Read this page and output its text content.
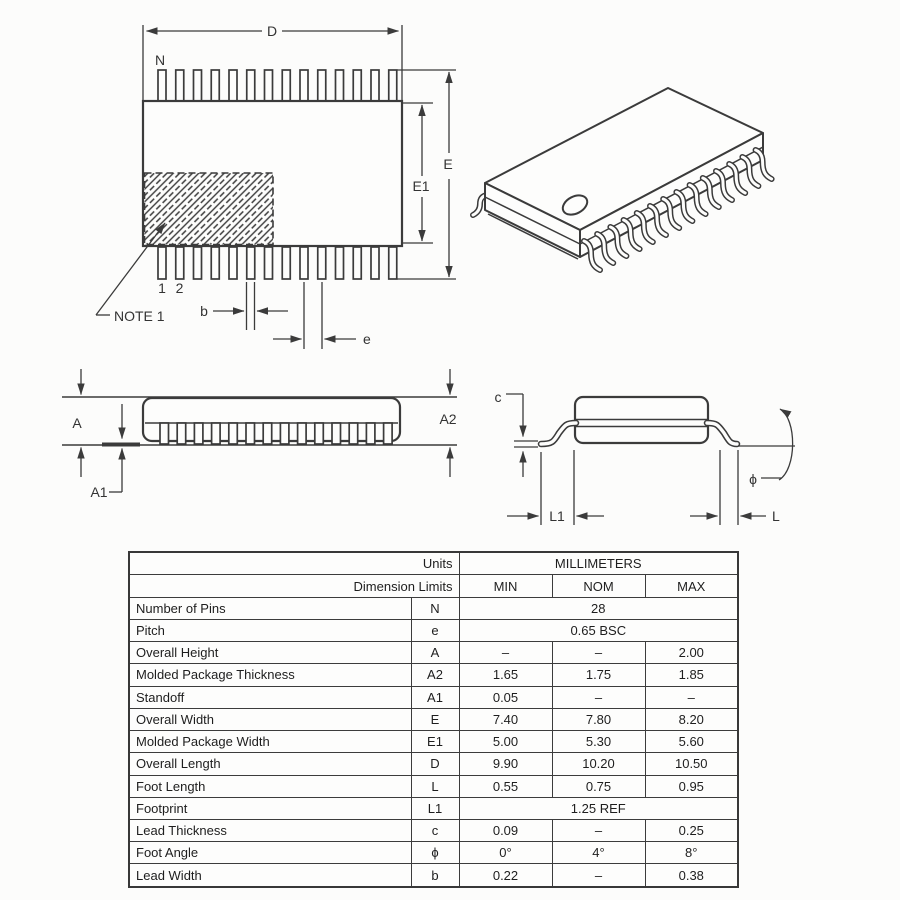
D
N
1 2
E1
E
b
e
NOTE 1
A	A2
A1
c
L1	L
ϕ
Units		MILLIMETERS		
Dimension Limits		MIN	NOM	MAX
Number of Pins	N	28		
Pitch	e	0.65 BSC		
Overall Height	A	–	–	2.00
Molded Package Thickness	A2	1.65	1.75	1.85
Standoff	A1	0.05	–	–
Overall Width	E	7.40	7.80	8.20
Molded Package Width	E1	5.00	5.30	5.60
Overall Length	D	9.90	10.20	10.50
Foot Length	L	0.55	0.75	0.95
Footprint	L1	1.25 REF		
Lead Thickness	c	0.09	–	0.25
Foot Angle	ϕ	0°	4°	8°
Lead Width	b	0.22	–	0.38
